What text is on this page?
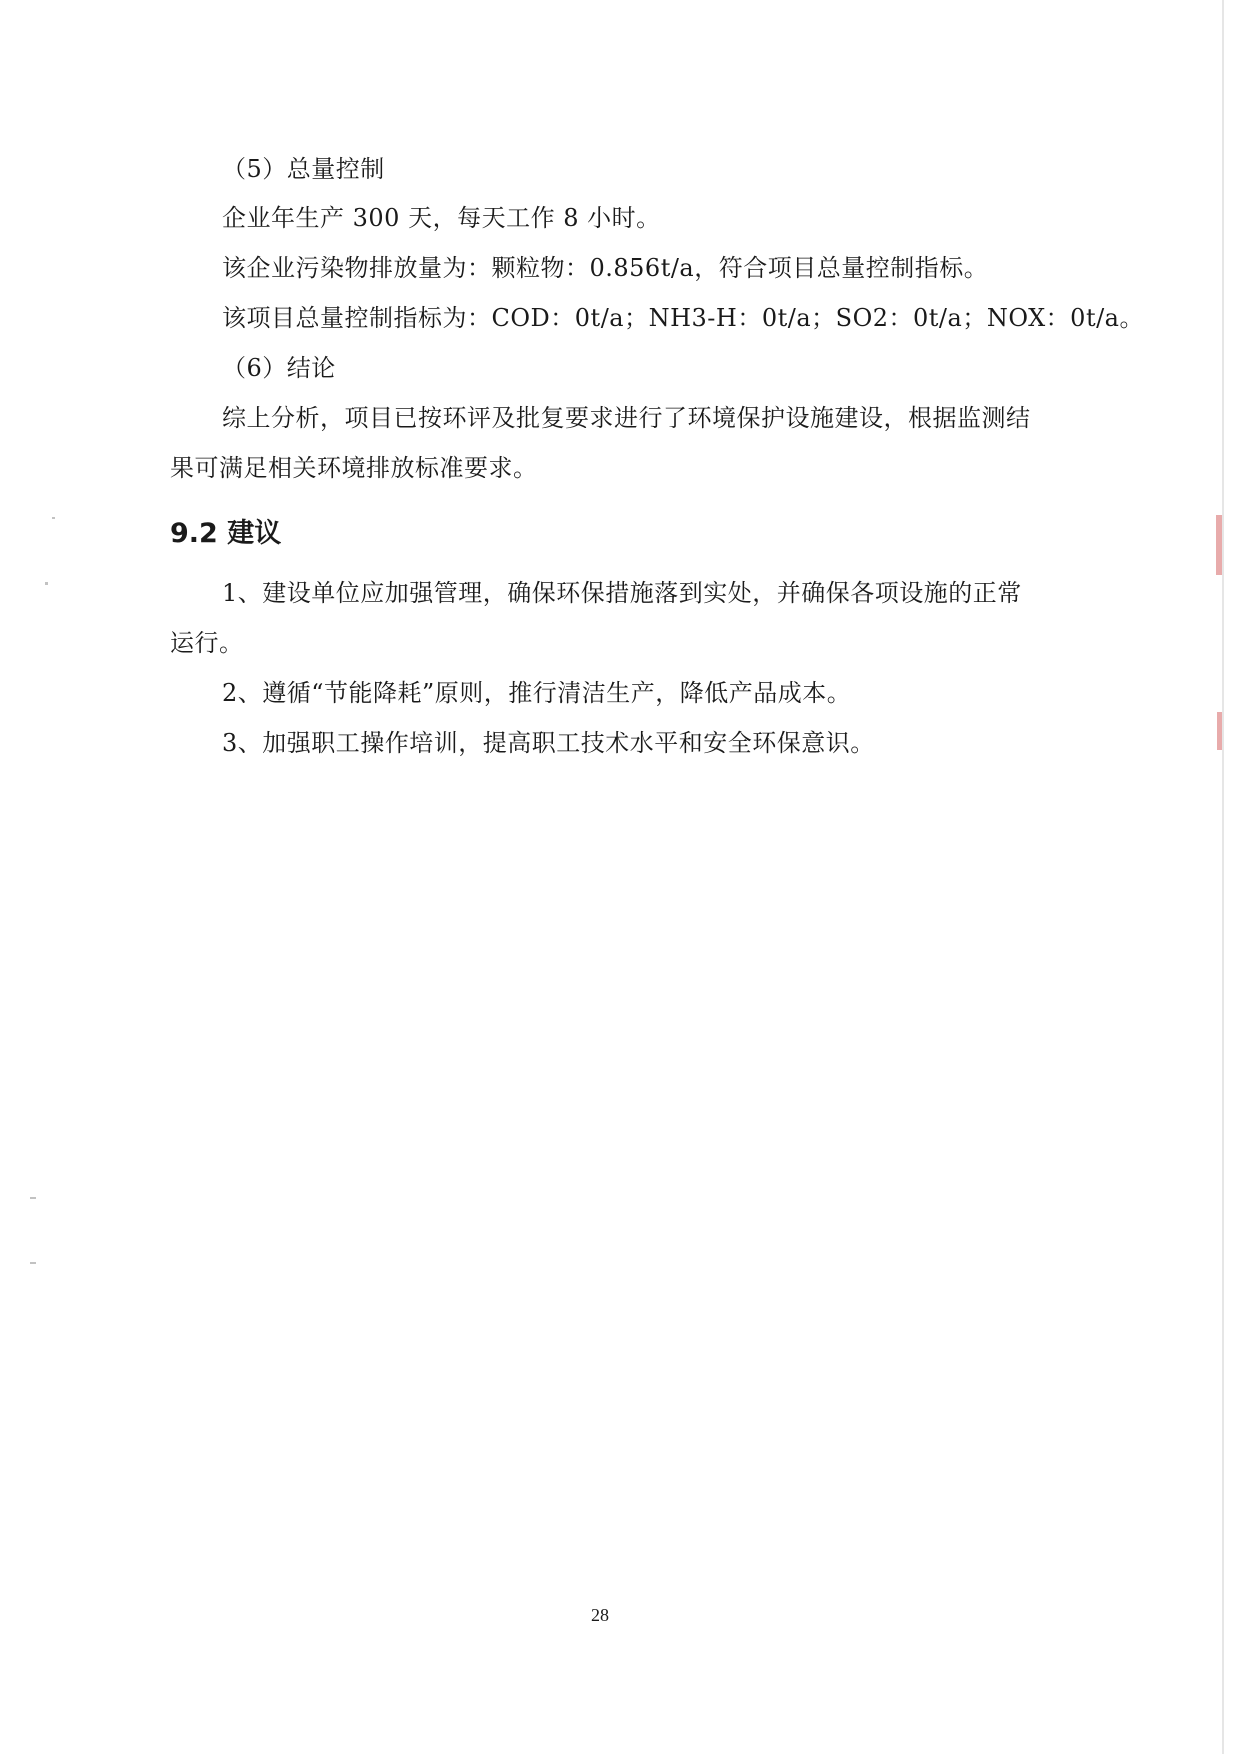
（5）总量控制
企业年生产 300 天，每天工作 8 小时。
该企业污染物排放量为：颗粒物：0.856t/a，符合项目总量控制指标。
该项目总量控制指标为：COD：0t/a；NH3-H：0t/a；SO2：0t/a；NOX：0t/a。
（6）结论
综上分析，项目已按环评及批复要求进行了环境保护设施建设，根据监测结
果可满足相关环境排放标准要求。
9.2 建议
1、建设单位应加强管理，确保环保措施落到实处，并确保各项设施的正常
运行。
2、遵循“节能降耗”原则，推行清洁生产，降低产品成本。
3、加强职工操作培训，提高职工技术水平和安全环保意识。
28
